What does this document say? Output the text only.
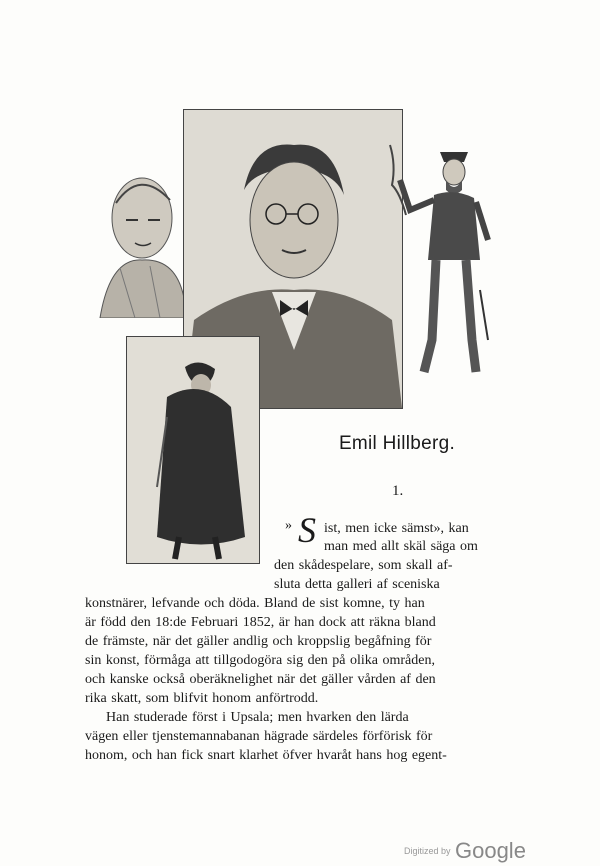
Emil Hillberg.
1.
» S ist, men icke sämst», kan
man med allt skäl säga om
den skådespelare, som skall af-
sluta detta galleri af sceniska
konstnärer, lefvande och döda. Bland de sist komne, ty han
är född den 18:de Februari 1852, är han dock att räkna bland
de främste, när det gäller andlig och kroppslig begåfning för
sin konst, förmåga att tillgodogöra sig den på olika områden,
och kanske också oberäknelighet när det gäller vården af den
rika skatt, som blifvit honom anförtrodd.
Han studerade först i Upsala; men hvarken den lärda
vägen eller tjenstemannabanan hägrade särdeles förförisk för
honom, och han fick snart klarhet öfver hvaråt hans hog egent-
Digitized by Google
